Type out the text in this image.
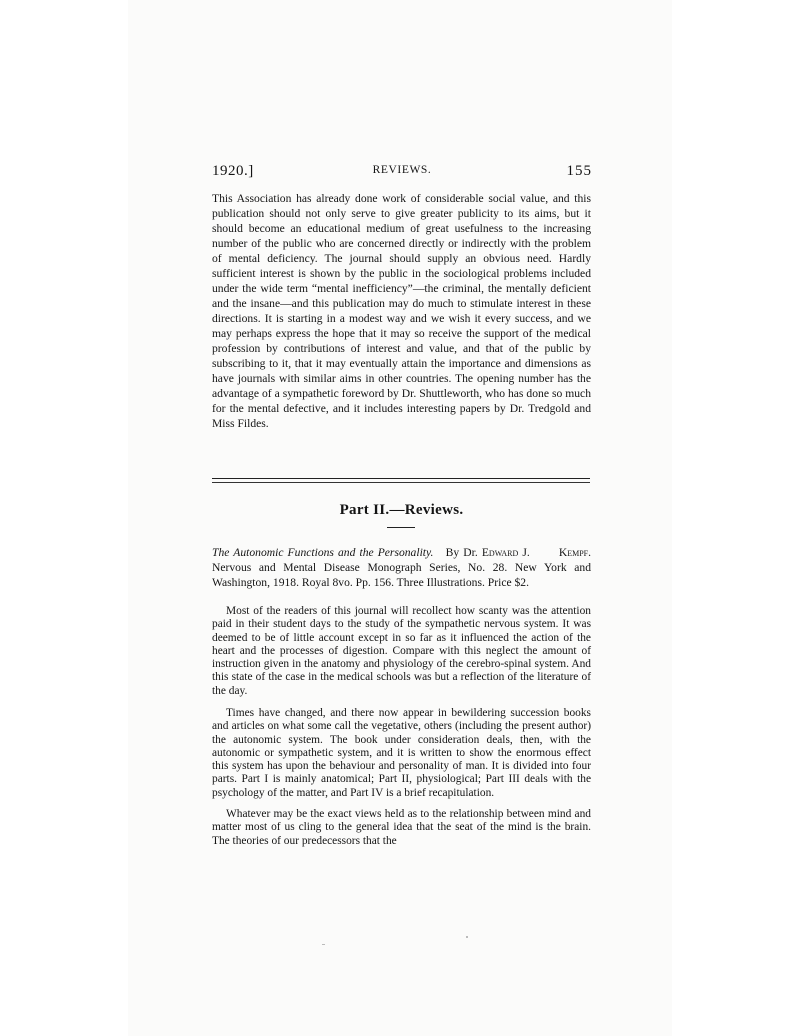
1920.]	REVIEWS.	155

This Association has already done work of considerable social value, and this publication should not only serve to give greater publicity to its aims, but it should become an educational medium of great usefulness to the increasing number of the public who are concerned directly or indirectly with the problem of mental deficiency. The journal should supply an obvious need. Hardly sufficient interest is shown by the public in the sociological problems included under the wide term “mental inefficiency”—the criminal, the mentally deficient and the insane—and this publication may do much to stimulate interest in these directions. It is starting in a modest way and we wish it every success, and we may perhaps express the hope that it may so receive the support of the medical profession by contributions of interest and value, and that of the public by subscribing to it, that it may eventually attain the importance and dimensions as have journals with similar aims in other countries. The opening number has the advantage of a sympathetic foreword by Dr. Shuttleworth, who has done so much for the mental defective, and it includes interesting papers by Dr. Tredgold and Miss Fildes.

Part II.—Reviews.
The Autonomic Functions and the Personality. By Dr. Edward J.	Kempf. Nervous and Mental Disease Monograph Series, No. 28. New York and Washington, 1918. Royal 8vo. Pp. 156. Three Illustrations. Price $2.

Most of the readers of this journal will recollect how scanty was the attention paid in their student days to the study of the sympathetic nervous system. It was deemed to be of little account except in so far as it influenced the action of the heart and the processes of digestion. Compare with this neglect the amount of instruction given in the anatomy and physiology of the cerebro-spinal system. And this state of the case in the medical schools was but a reflection of the literature of the day.

Times have changed, and there now appear in bewildering succession books and articles on what some call the vegetative, others (including the present author) the autonomic system. The book under consideration deals, then, with the autonomic or sympathetic system, and it is written to show the enormous effect this system has upon the behaviour and personality of man. It is divided into four parts. Part I is mainly anatomical; Part II, physiological; Part III deals with the psychology of the matter, and Part IV is a brief recapitulation.

Whatever may be the exact views held as to the relationship between mind and matter most of us cling to the general idea that the seat of the mind is the brain. The theories of our predecessors that the
